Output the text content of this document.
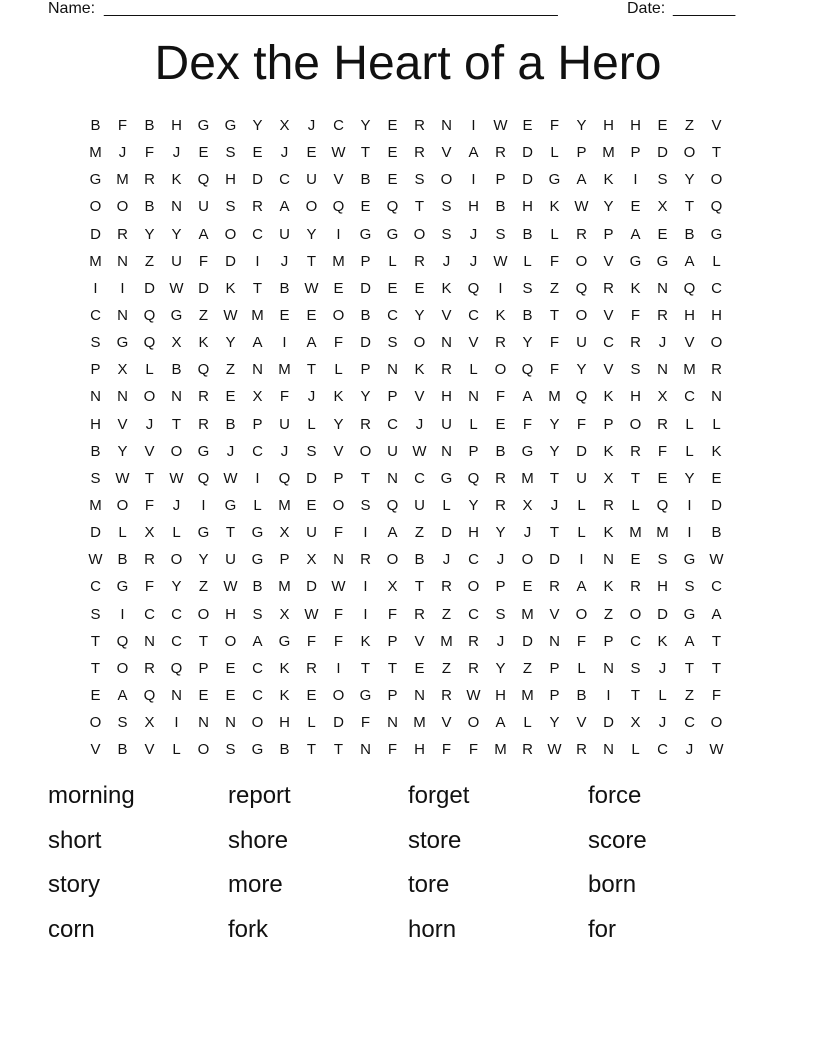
Name: ___________________________________________________	Date: _______
Dex the Heart of a Hero
B	F	B	H	G	G	Y	X	J	C	Y	E	R	N	I	W E	F	Y	H	H	E	Z	V
M	J	F	J	E	S	E	J	E W	T	E	R	V	A	R	D	L	P	M	P	D	O	T
G M	R	K	Q	H	D	C	U	V	B	E	S	O	I	P	D	G	A	K	I	S	Y	O
O	O	B	N	U	S	R	A	O	Q	E	Q	T	S	H	B	H	K W Y	E	X	T	Q
D	R	Y	Y	A	O	C	U	Y	I	G	G	O	S	J	S	B	L	R	P	A	E	B	G
M	N	Z	U	F	D	I	J	T	M	P	L	R	J	J	W	L	F	O	V	G	G	A	L
I	I	D W D	K	T	B W E	D	E	E	K	Q	I	S	Z	Q	R	K	N	Q	C
C	N	Q	G	Z	W M	E	E	O	B	C	Y	V	C	K	B	T	O	V	F	R	H	H
S	G	Q	X	K	Y	A	I	A	F	D	S	O	N	V	R	Y	F	U	C	R	J	V	O
P	X	L	B	Q	Z	N	M	T	L	P	N	K	R	L	O	Q	F	Y	V	S	N	M	R
N	N	O	N	R	E	X	F	J	K	Y	P	V	H	N	F	A	M Q	K	H	X	C	N
H	V	J	T	R	B	P	U	L	Y	R	C	J	U	L	E	F	Y	F	P	O	R	L	L
B	Y	V	O	G	J	C	J	S	V	O	U W N	P	B	G	Y	D	K	R	F	L	K
S W	T	W Q W	I	Q	D	P	T	N	C	G	Q	R	M	T	U	X	T	E	Y	E
M O	F	J	I	G	L	M	E	O	S	Q	U	L	Y	R	X	J	L	R	L	Q	I	D
D	L	X	L	G	T	G	X	U	F	I	A	Z	D	H	Y	J	T	L	K	M M	I	B
W B	R	O	Y	U	G	P	X	N	R	O	B	J	C	J	O	D	I	N	E	S	G W
C	G	F	Y	Z	W B	M	D W	I	X	T	R	O	P	E	R	A	K	R	H	S	C
S	I	C	C	O	H	S	X W	F	I	F	R	Z	C	S	M	V	O	Z	O	D	G	A
T	Q	N	C	T	O	A	G	F	F	K	P	V	M	R	J	D	N	F	P	C	K	A	T
T	O	R	Q	P	E	C	K	R	I	T	T	E	Z	R	Y	Z	P	L	N	S	J	T	T
E	A	Q	N	E	E	C	K	E	O	G	P	N	R W H	M	P	B	I	T	L	Z	F
O	S	X	I	N	N	O	H	L	D	F	N	M	V	O	A	L	Y	V	D	X	J	C	O
V	B	V	L	O	S	G	B	T	T	N	F	H	F	F	M	R W R	N	L	C	J	W
morning	report	forget	force
short	shore	store	score
story	more	tore	born
corn	fork	horn	for
